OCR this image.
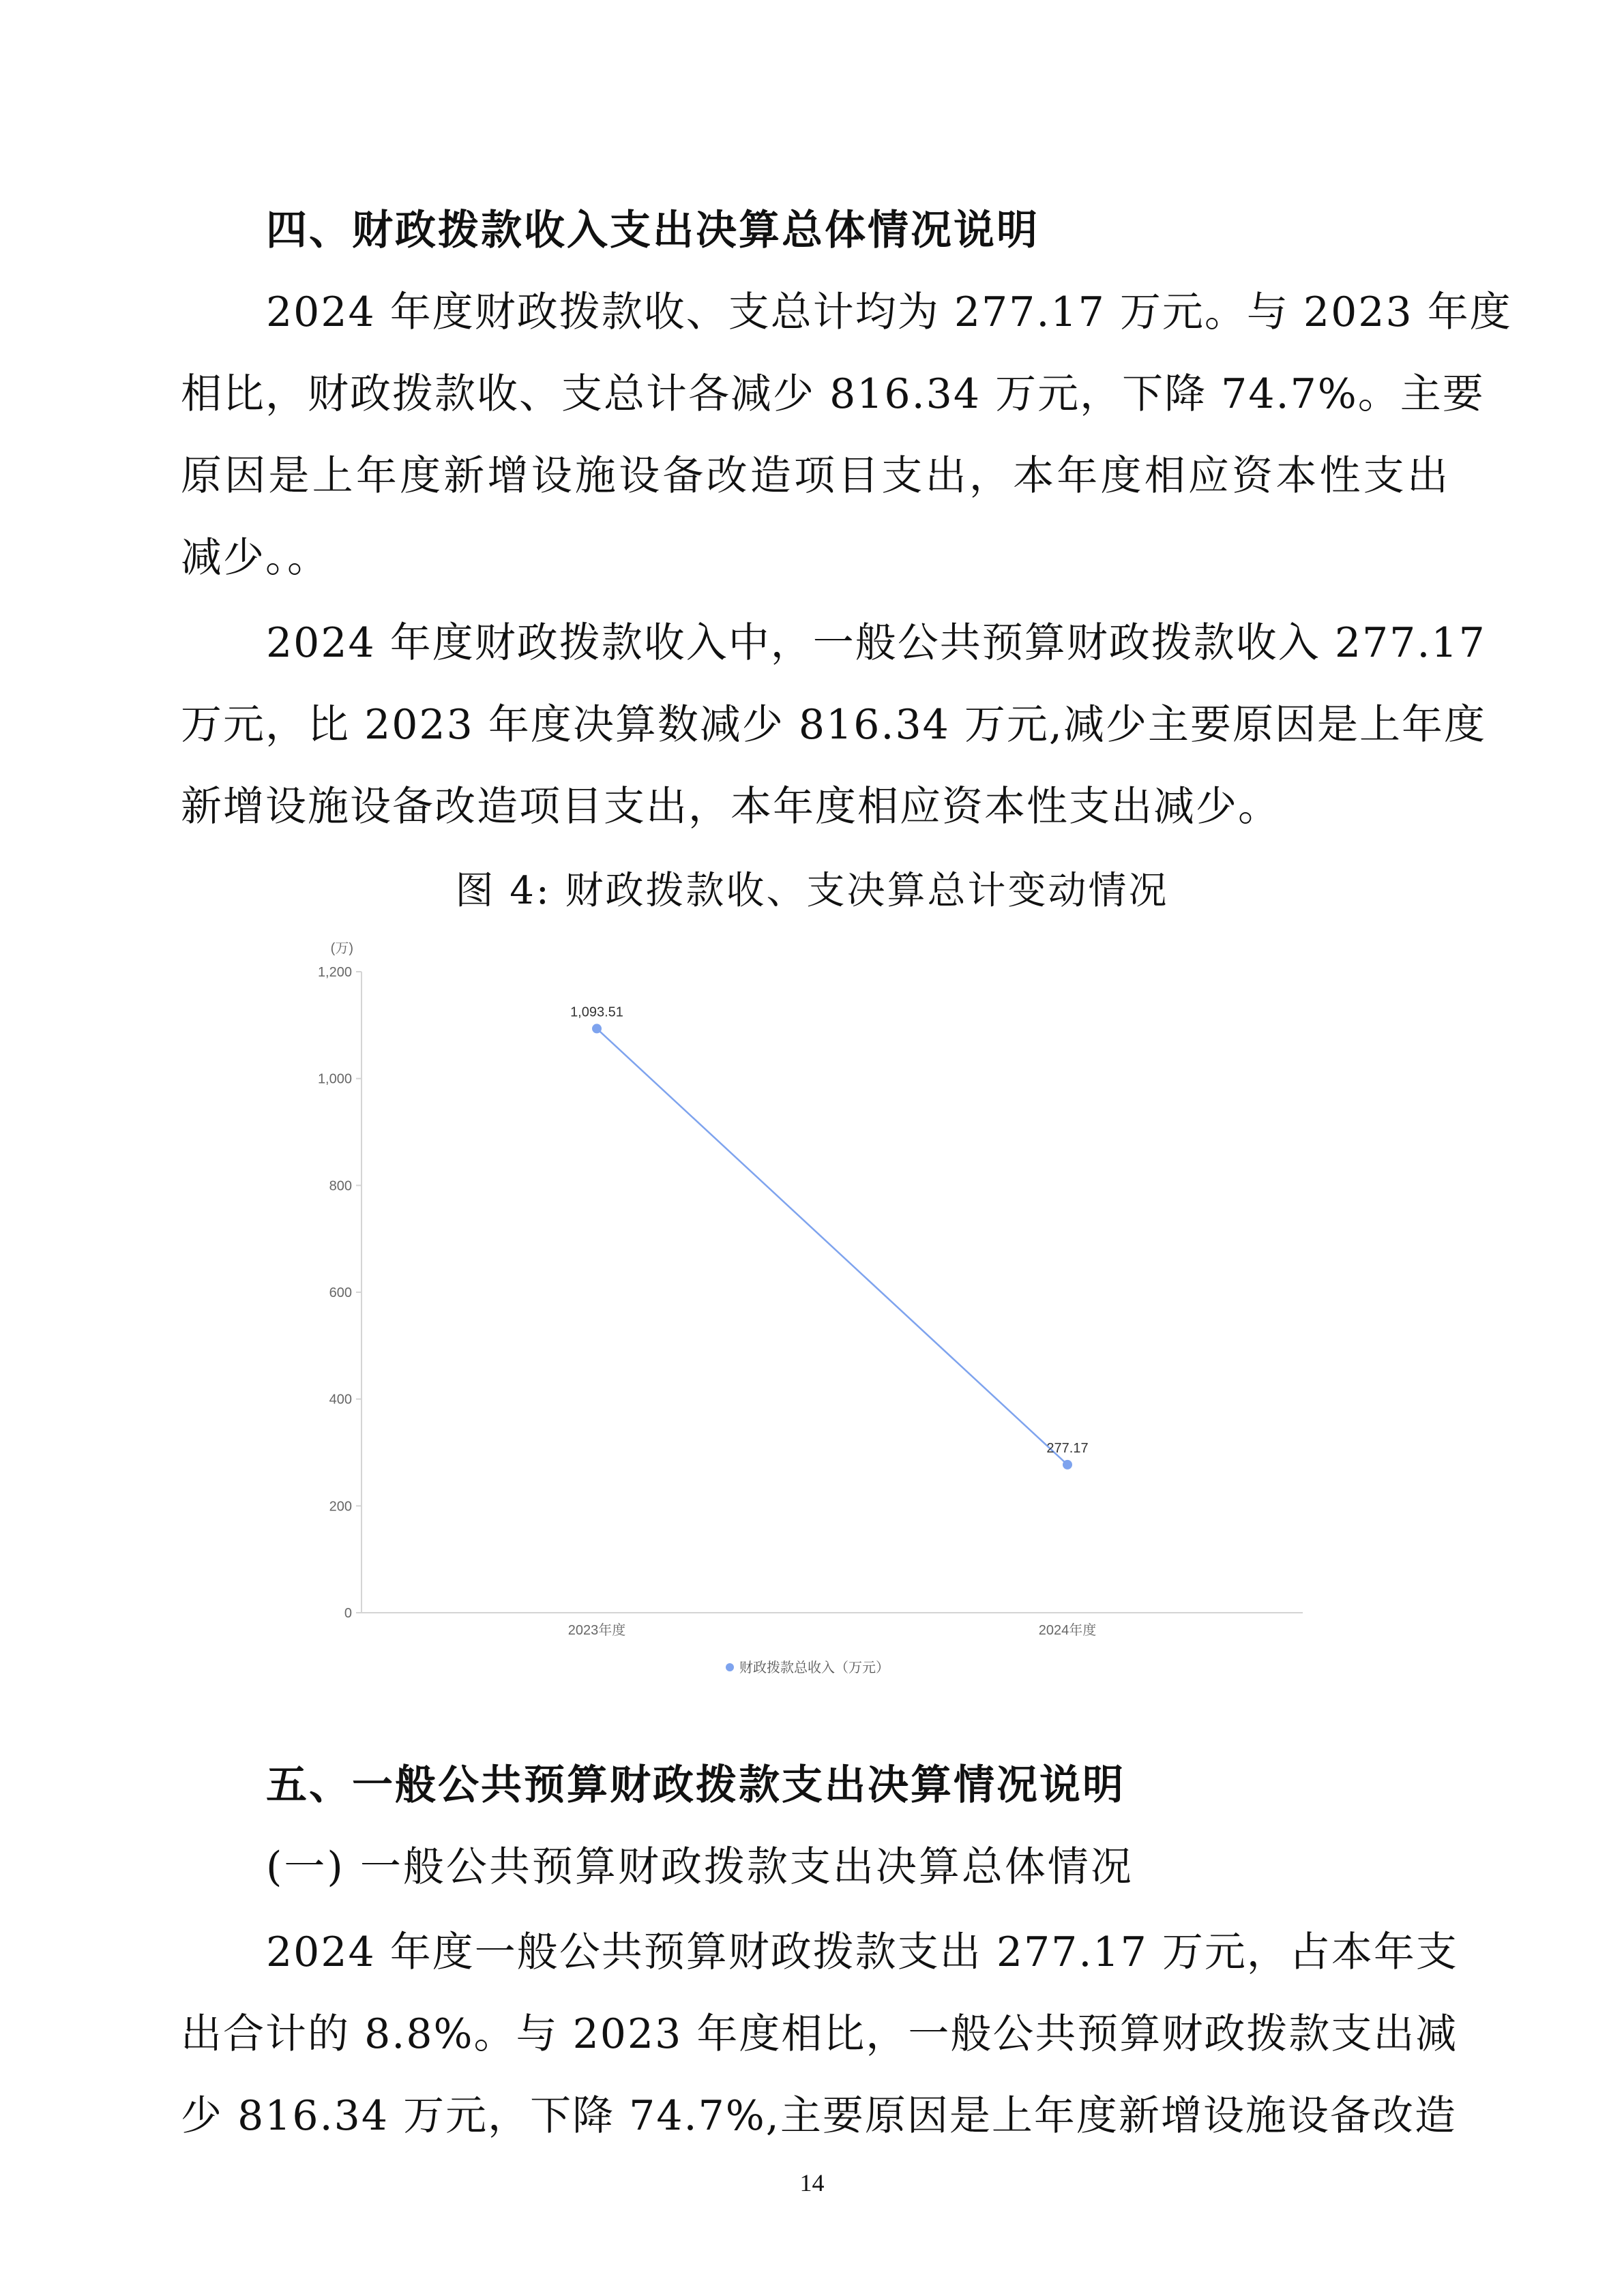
四、财政拨款收入支出决算总体情况说明
2024 年度财政拨款收、支总计均为 277.17 万元。与 2023 年度
相比，财政拨款收、支总计各减少 816.34 万元，下降 74.7%。主要
原因是上年度新增设施设备改造项目支出，本年度相应资本性支出
减少。。
2024 年度财政拨款收入中，一般公共预算财政拨款收入 277.17
万元，比 2023 年度决算数减少 816.34 万元,减少主要原因是上年度
新增设施设备改造项目支出，本年度相应资本性支出减少。
图 4: 财政拨款收、支决算总计变动情况
(万)
0
200
400
600
800
1,000
1,200
2023年度	2024年度
1,093.51
277.17
财政拨款总收入（万元）
五、一般公共预算财政拨款支出决算情况说明
(一) 一般公共预算财政拨款支出决算总体情况
2024 年度一般公共预算财政拨款支出 277.17 万元，占本年支
出合计的 8.8%。与 2023 年度相比，一般公共预算财政拨款支出减
少 816.34 万元，下降 74.7%,主要原因是上年度新增设施设备改造
14
